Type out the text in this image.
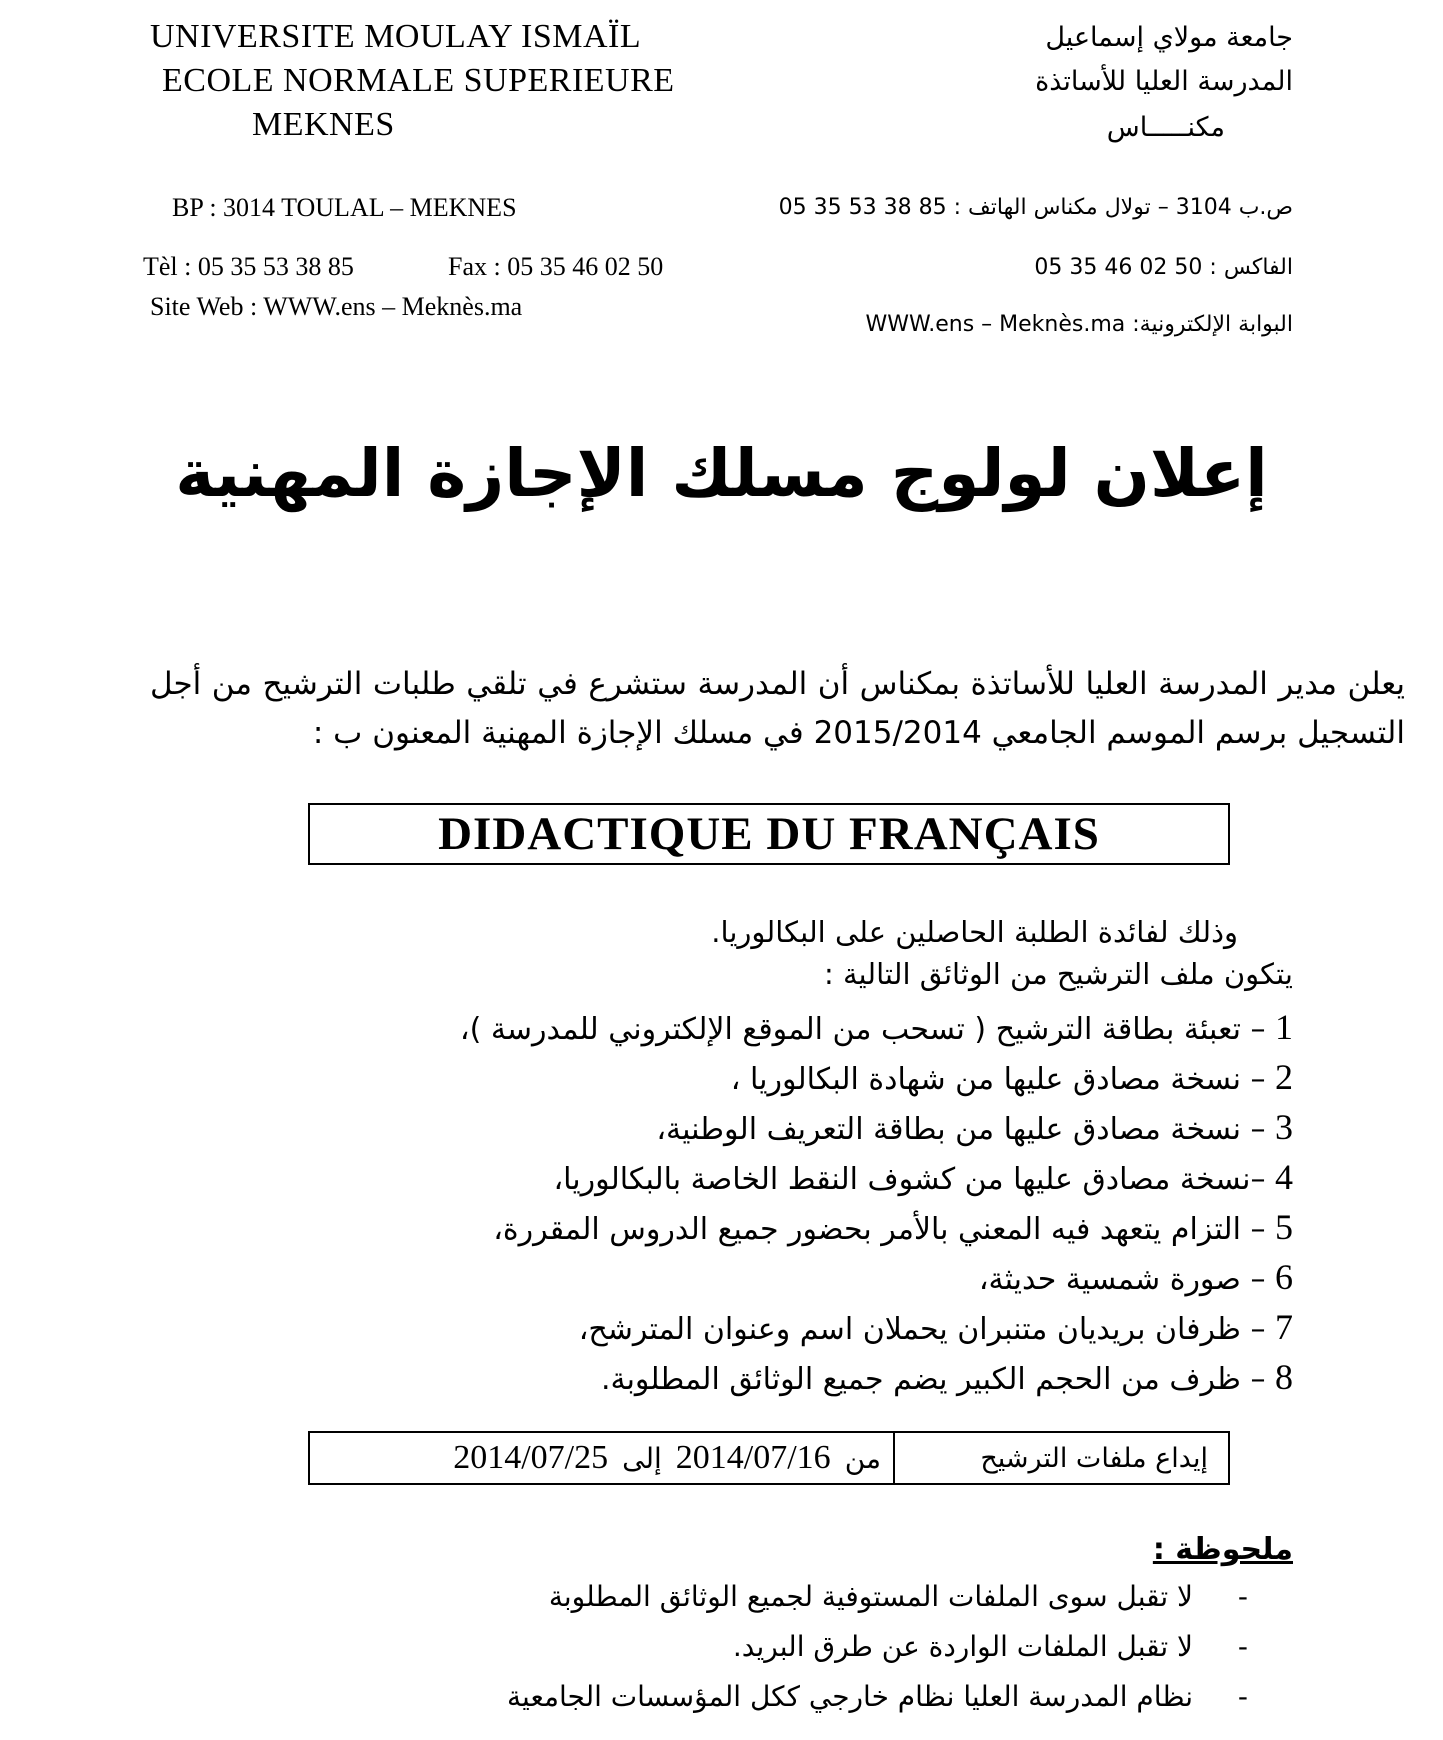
UNIVERSITE MOULAY ISMAÏL
ECOLE NORMALE SUPERIEURE
MEKNES
جامعة مولاي إسماعيل
المدرسة العليا للأساتذة
مكنـــــاس
BP : 3014 TOULAL – MEKNES
Tèl : 05 35 53 38 85	Fax : 05 35 46 02 50
Site Web : WWW.ens – Meknès.ma
ص.ب 3104 – تولال مكناس الهاتف : 85 38 53 35 05
الفاكس : 50 02 46 35 05
البوابة الإلكترونية: WWW.ens – Meknès.ma
إعلان لولوج مسلك الإجازة المهنية
يعلن مدير المدرسة العليا للأساتذة بمكناس أن المدرسة ستشرع في تلقي طلبات الترشيح من أجل التسجيل برسم الموسم الجامعي 2015/2014 في مسلك الإجازة المهنية المعنون ب :
DIDACTIQUE DU FRANÇAIS
وذلك لفائدة الطلبة الحاصلين على البكالوريا.
يتكون ملف الترشيح من الوثائق التالية :
1 – تعبئة بطاقة الترشيح ( تسحب من الموقع الإلكتروني للمدرسة )،
2 – نسخة مصادق عليها من شهادة البكالوريا ،
3 – نسخة مصادق عليها من بطاقة التعريف الوطنية،
4 –نسخة مصادق عليها من كشوف النقط الخاصة بالبكالوريا،
5 – التزام يتعهد فيه المعني بالأمر بحضور جميع الدروس المقررة،
6 – صورة شمسية حديثة،
7 – ظرفان بريديان متنبران يحملان اسم وعنوان المترشح،
8 – ظرف من الحجم الكبير يضم جميع الوثائق المطلوبة.
إيداع ملفات الترشيح
من
2014/07/16
إلى
2014/07/25
ملحوظة :
-
لا تقبل سوى الملفات المستوفية لجميع الوثائق المطلوبة
-
لا تقبل الملفات الواردة عن طرق البريد.
-
نظام المدرسة العليا نظام خارجي ككل المؤسسات الجامعية
